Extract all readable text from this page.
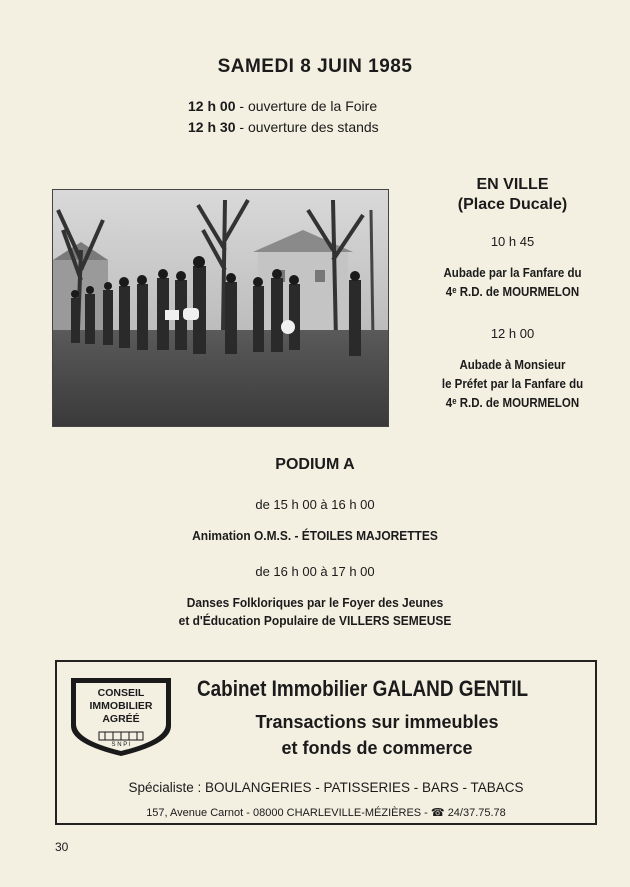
SAMEDI 8 JUIN 1985
12 h 00 - ouverture de la Foire
12 h 30 - ouverture des stands
EN VILLE
(Place Ducale)
10 h 45
Aubade par la Fanfare du
4ᵉ R.D. de MOURMELON
12 h 00
Aubade à Monsieur
le Préfet par la Fanfare du
4ᵉ R.D. de MOURMELON
PODIUM A
de 15 h 00 à 16 h 00
Animation O.M.S. - ÉTOILES MAJORETTES
de 16 h 00 à 17 h 00
Danses Folkloriques par le Foyer des Jeunes
et d'Éducation Populaire de VILLERS SEMEUSE
CONSEIL
IMMOBILIER
AGRÉÉ
S N P I
Cabinet Immobilier GALAND GENTIL
Transactions sur immeubles
et fonds de commerce
Spécialiste : BOULANGERIES - PATISSERIES - BARS - TABACS
157, Avenue Carnot - 08000 CHARLEVILLE-MÉZIÈRES - ☎ 24/37.75.78
30
